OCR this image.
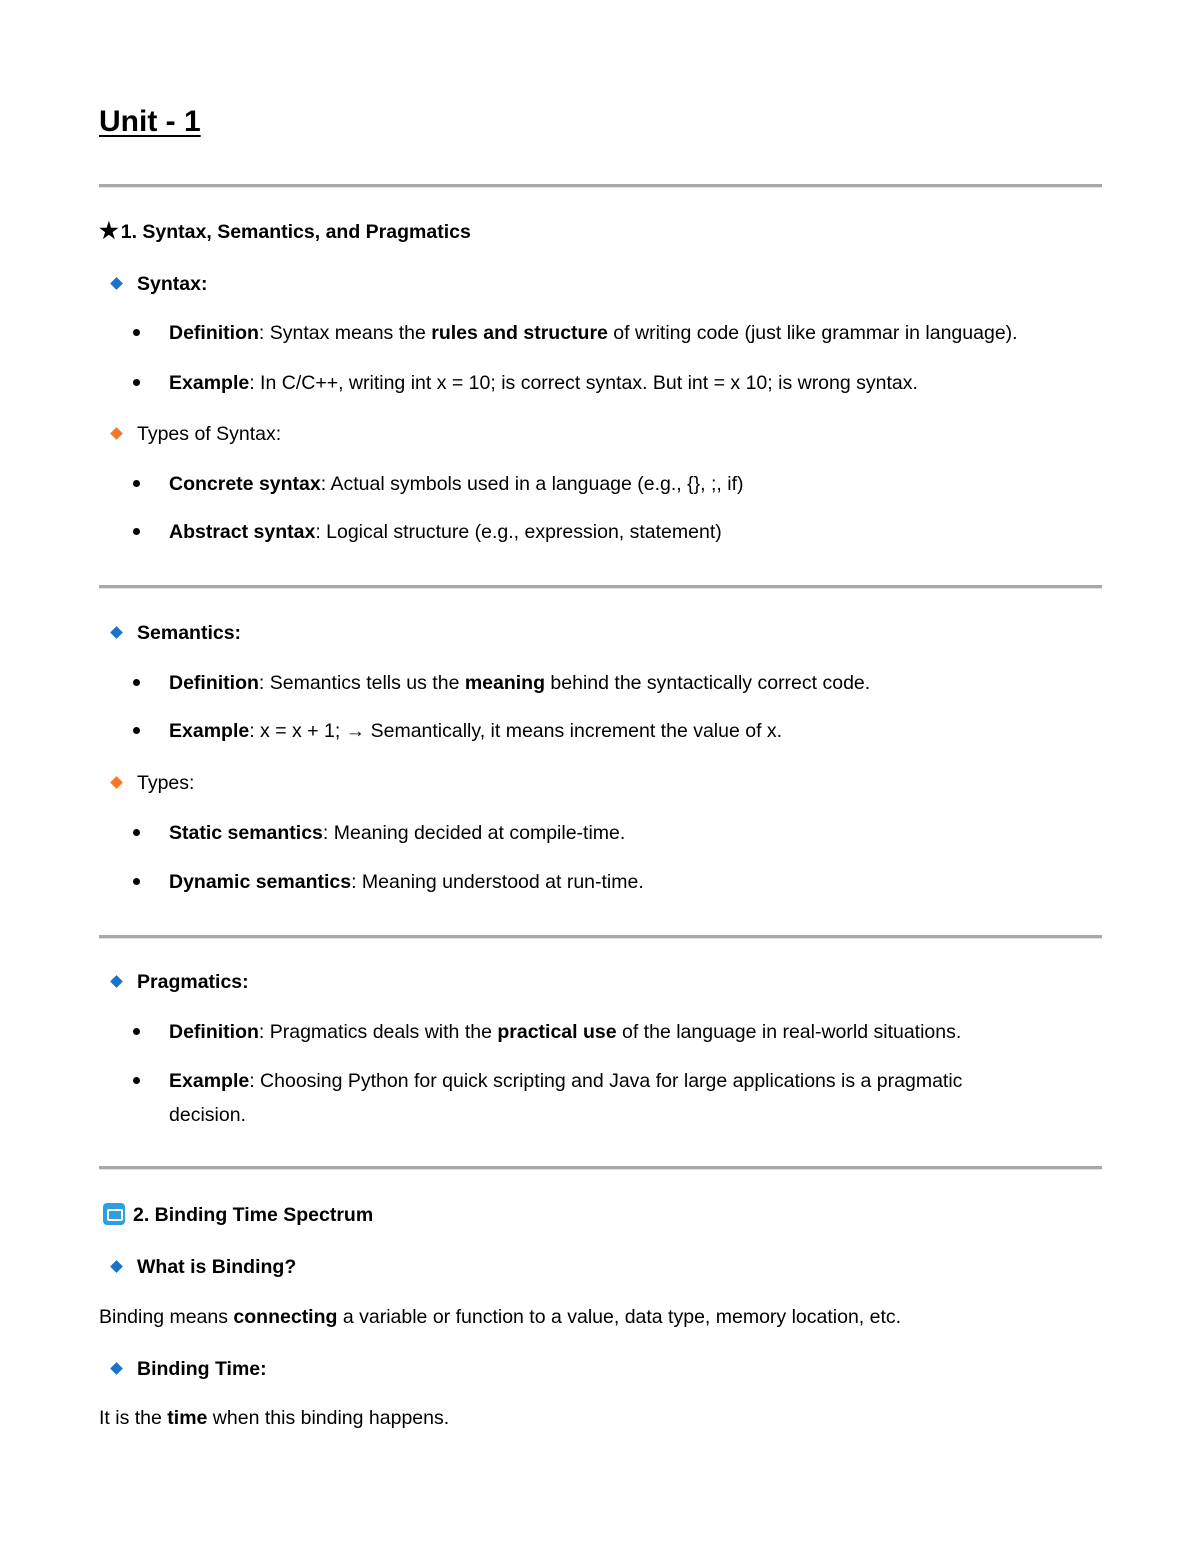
Unit - 1
★ 1. Syntax, Semantics, and Pragmatics
Syntax:
Definition: Syntax means the rules and structure of writing code (just like grammar in language).
Example: In C/C++, writing int x = 10; is correct syntax. But int = x 10; is wrong syntax.
Types of Syntax:
Concrete syntax: Actual symbols used in a language (e.g., {}, ;, if)
Abstract syntax: Logical structure (e.g., expression, statement)
Semantics:
Definition: Semantics tells us the meaning behind the syntactically correct code.
Example: x = x + 1; → Semantically, it means increment the value of x.
Types:
Static semantics: Meaning decided at compile-time.
Dynamic semantics: Meaning understood at run-time.
Pragmatics:
Definition: Pragmatics deals with the practical use of the language in real-world situations.
Example: Choosing Python for quick scripting and Java for large applications is a pragmatic
decision.
2. Binding Time Spectrum
What is Binding?
Binding means connecting a variable or function to a value, data type, memory location, etc.
Binding Time:
It is the time when this binding happens.
